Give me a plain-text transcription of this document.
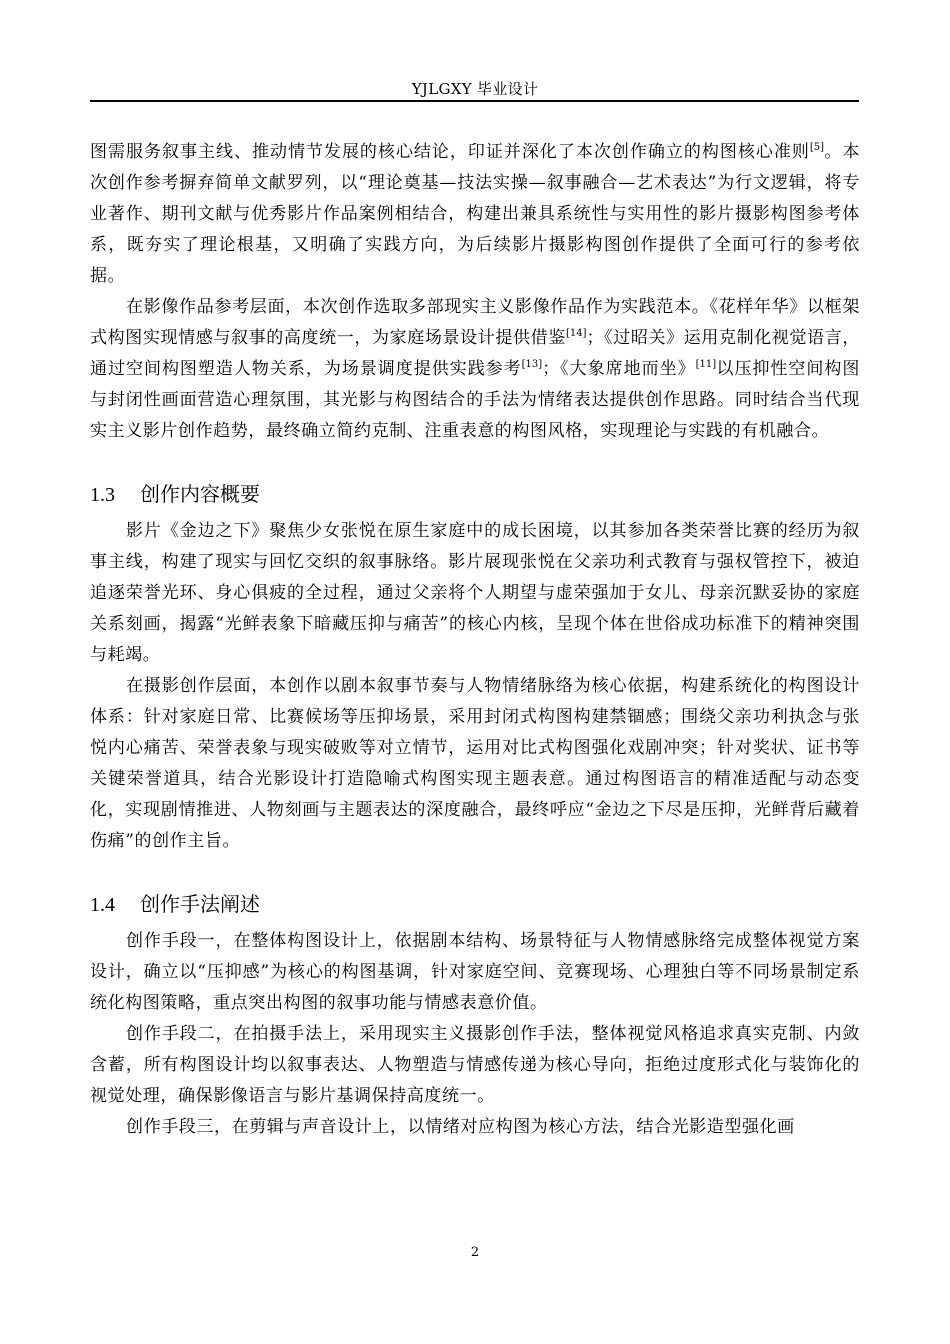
YJLGXY 毕业设计

图需服务叙事主线、推动情节发展的核心结论，印证并深化了本次创作确立的构图核心准则[5]。本次创作参考摒弃简单文献罗列，以“理论奠基—技法实操—叙事融合—艺术表达”为行文逻辑，将专业著作、期刊文献与优秀影片作品案例相结合，构建出兼具系统性与实用性的影片摄影构图参考体系，既夯实了理论根基，又明确了实践方向，为后续影片摄影构图创作提供了全面可行的参考依据。

在影像作品参考层面，本次创作选取多部现实主义影像作品作为实践范本。《花样年华》以框架式构图实现情感与叙事的高度统一，为家庭场景设计提供借鉴[14]；《过昭关》运用克制化视觉语言，通过空间构图塑造人物关系，为场景调度提供实践参考[13]；《大象席地而坐》[11]以压抑性空间构图与封闭性画面营造心理氛围，其光影与构图结合的手法为情绪表达提供创作思路。同时结合当代现实主义影片创作趋势，最终确立简约克制、注重表意的构图风格，实现理论与实践的有机融合。

1.3 创作内容概要

影片《金边之下》聚焦少女张悦在原生家庭中的成长困境，以其参加各类荣誉比赛的经历为叙事主线，构建了现实与回忆交织的叙事脉络。影片展现张悦在父亲功利式教育与强权管控下，被迫追逐荣誉光环、身心俱疲的全过程，通过父亲将个人期望与虚荣强加于女儿、母亲沉默妥协的家庭关系刻画，揭露“光鲜表象下暗藏压抑与痛苦”的核心内核，呈现个体在世俗成功标准下的精神突围与耗竭。

在摄影创作层面，本创作以剧本叙事节奏与人物情绪脉络为核心依据，构建系统化的构图设计体系：针对家庭日常、比赛候场等压抑场景，采用封闭式构图构建禁锢感；围绕父亲功利执念与张悦内心痛苦、荣誉表象与现实破败等对立情节，运用对比式构图强化戏剧冲突；针对奖状、证书等关键荣誉道具，结合光影设计打造隐喻式构图实现主题表意。通过构图语言的精准适配与动态变化，实现剧情推进、人物刻画与主题表达的深度融合，最终呼应“金边之下尽是压抑，光鲜背后藏着伤痛”的创作主旨。

1.4 创作手法阐述

创作手段一，在整体构图设计上，依据剧本结构、场景特征与人物情感脉络完成整体视觉方案设计，确立以“压抑感”为核心的构图基调，针对家庭空间、竞赛现场、心理独白等不同场景制定系统化构图策略，重点突出构图的叙事功能与情感表意价值。

创作手段二，在拍摄手法上，采用现实主义摄影创作手法，整体视觉风格追求真实克制、内敛含蓄，所有构图设计均以叙事表达、人物塑造与情感传递为核心导向，拒绝过度形式化与装饰化的视觉处理，确保影像语言与影片基调保持高度统一。

创作手段三，在剪辑与声音设计上，以情绪对应构图为核心方法，结合光影造型强化画

2
